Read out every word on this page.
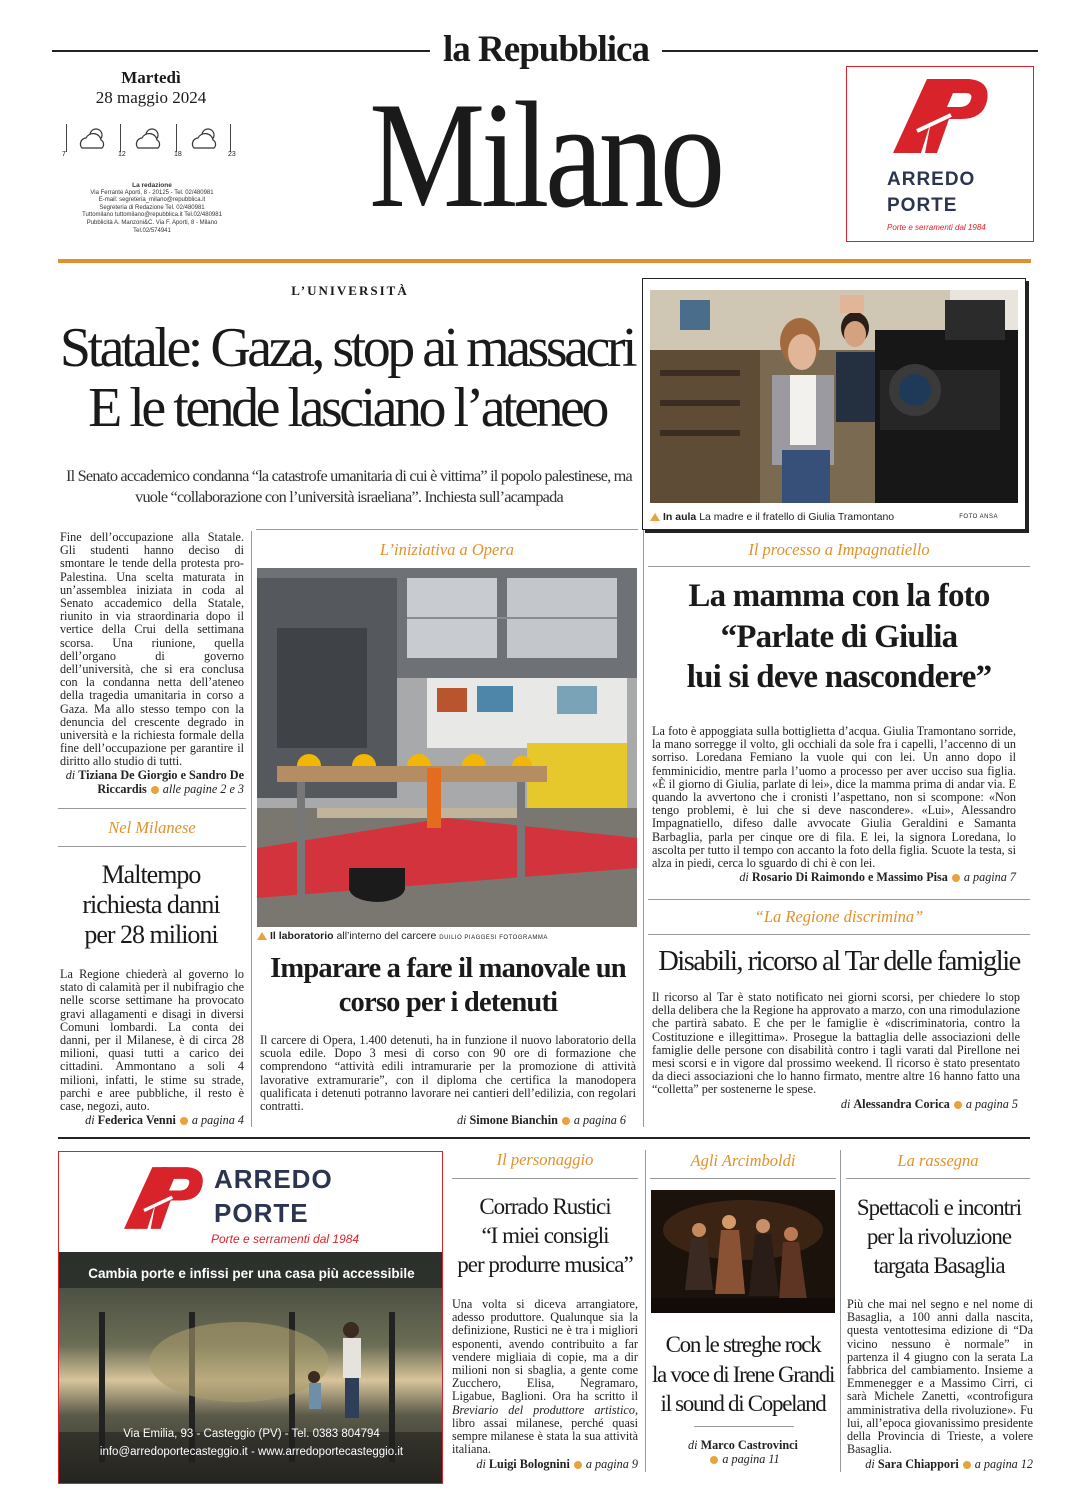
la Repubblica
Milano
Martedì
28 maggio 2024
7	12	18	23
La redazione
Via Ferrante Aporti, 8 - 20125 - Tel. 02/480981
E-mail: segreteria_milano@repubblica.it
Segreteria di Redazione Tel. 02/480981
Tuttomilano tuttomilano@repubblica.it Tel.02/480981
Pubblicità A. Manzoni&C. Via F. Aporti, 8 - Milano
Tel.02/574941
ARREDO
PORTE
Porte e serramenti dal 1984
L’UNIVERSITÀ
Statale: Gaza, stop ai massacri
E le tende lasciano l’ateneo
Il Senato accademico condanna “la catastrofe umanitaria di cui è vittima” il popolo palestinese, ma vuole “collaborazione con l’università israeliana”. Inchiesta sull’acampada
Fine dell’occupazione alla Statale. Gli studenti hanno deciso di smontare le tende della protesta pro-Palestina. Una scelta maturata in un’assemblea iniziata in coda al Senato accademico della Statale, riunito in via straordinaria dopo il vertice della Crui della settimana scorsa. Una riunione, quella dell’organo di governo dell’università, che si era conclusa con la condanna netta dell’ateneo della tragedia umanitaria in corso a Gaza. Ma allo stesso tempo con la denuncia del crescente degrado in università e la richiesta formale della fine dell’occupazione per garantire il diritto allo studio di tutti.
di Tiziana De Giorgio e Sandro De Riccardis alle pagine 2 e 3
Nel Milanese
Maltempo richiesta danni per 28 milioni
La Regione chiederà al governo lo stato di calamità per il nubifragio che nelle scorse settimane ha provocato gravi allagamenti e disagi in diversi Comuni lombardi. La conta dei danni, per il Milanese, è di circa 28 milioni, quasi tutti a carico dei cittadini. Ammontano a soli 4 milioni, infatti, le stime su strade, parchi e aree pubbliche, il resto è case, negozi, auto.
di Federica Venni a pagina 4
L’iniziativa a Opera
Il laboratorio all’interno del carcere DUILIO PIAGGESI FOTOGRAMMA
Imparare a fare il manovale un corso per i detenuti
Il carcere di Opera, 1.400 detenuti, ha in funzione il nuovo laboratorio della scuola edile. Dopo 3 mesi di corso con 90 ore di formazione che comprendono “attività edili intramurarie per la promozione di attività lavorative extramurarie”, con il diploma che certifica la manodopera qualificata i detenuti potranno lavorare nei cantieri dell’edilizia, con regolari contratti.
di Simone Bianchin a pagina 6
In aula La madre e il fratello di Giulia Tramontano	FOTO ANSA
Il processo a Impagnatiello
La mamma con la foto
“Parlate di Giulia
lui si deve nascondere”
La foto è appoggiata sulla bottiglietta d’acqua. Giulia Tramontano sorride, la mano sorregge il volto, gli occhiali da sole fra i capelli, l’accenno di un sorriso. Loredana Femiano la vuole qui con lei. Un anno dopo il femminicidio, mentre parla l’uomo a processo per aver ucciso sua figlia. «È il giorno di Giulia, parlate di lei», dice la mamma prima di andar via. E quando la avvertono che i cronisti l’aspettano, non si scompone: «Non tengo problemi, è lui che si deve nascondere». «Lui», Alessandro Impagnatiello, difeso dalle avvocate Giulia Geraldini e Samanta Barbaglia, parla per cinque ore di fila. E lei, la signora Loredana, lo ascolta per tutto il tempo con accanto la foto della figlia. Scuote la testa, si alza in piedi, cerca lo sguardo di chi è con lei.
di Rosario Di Raimondo e Massimo Pisa a pagina 7
“La Regione discrimina”
Disabili, ricorso al Tar delle famiglie
Il ricorso al Tar è stato notificato nei giorni scorsi, per chiedere lo stop della delibera che la Regione ha approvato a marzo, con una rimodulazione che partirà sabato. E che per le famiglie è «discriminatoria, contro la Costituzione e illegittima». Prosegue la battaglia delle associazioni delle famiglie delle persone con disabilità contro i tagli varati dal Pirellone nei mesi scorsi e in vigore dal prossimo weekend. Il ricorso è stato presentato da dieci associazioni che lo hanno firmato, mentre altre 16 hanno fatto una “colletta” per sostenerne le spese.
di Alessandra Corica a pagina 5
ARREDO
PORTE
Porte e serramenti dal 1984
Cambia porte e infissi per una casa più accessibile
Via Emilia, 93 - Casteggio (PV) - Tel. 0383 804794
info@arredoportecasteggio.it - www.arredoportecasteggio.it
Il personaggio
Corrado Rustici
“I miei consigli
per produrre musica”
Una volta si diceva arrangiatore, adesso produttore. Qualunque sia la definizione, Rustici ne è tra i migliori esponenti, avendo contribuito a far vendere migliaia di copie, ma a dir milioni non si sbaglia, a gente come Zucchero, Elisa, Negramaro, Ligabue, Baglioni. Ora ha scritto il Breviario del produttore artistico, libro assai milanese, perché quasi sempre milanese è stata la sua attività italiana.
di Luigi Bolognini a pagina 9
Agli Arcimboldi
Con le streghe rock
la voce di Irene Grandi
il sound di Copeland
di Marco Castrovinci
a pagina 11
La rassegna
Spettacoli e incontri
per la rivoluzione
targata Basaglia
Più che mai nel segno e nel nome di Basaglia, a 100 anni dalla nascita, questa ventottesima edizione di “Da vicino nessuno è normale” in partenza il 4 giugno con la serata La fabbrica del cambiamento. Insieme a Emmenegger e a Massimo Cirri, ci sarà Michele Zanetti, «controfigura amministrativa della rivoluzione». Fu lui, all’epoca giovanissimo presidente della Provincia di Trieste, a volere Basaglia.
di Sara Chiappori a pagina 12
